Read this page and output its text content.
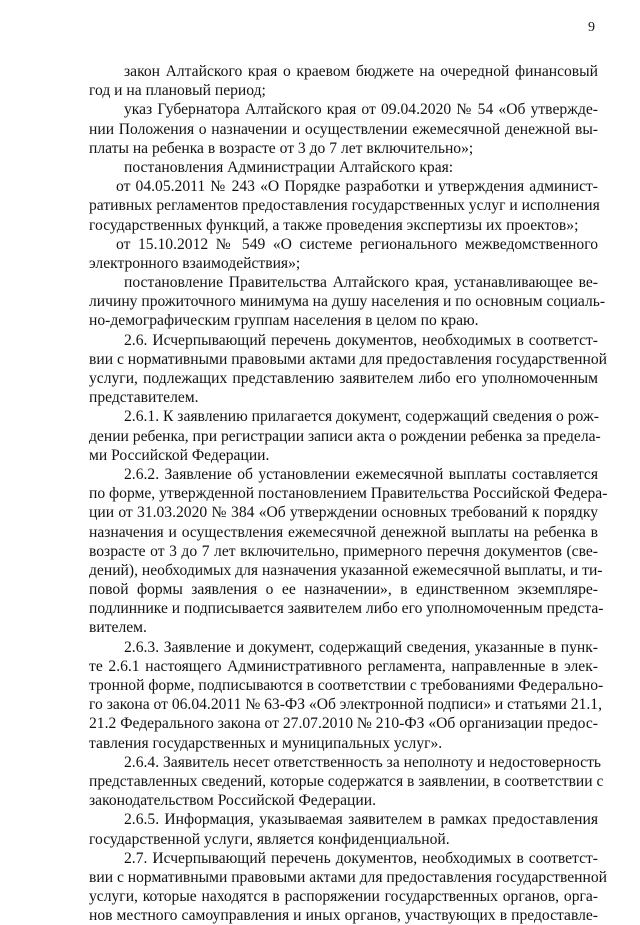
9
закон Алтайского края о краевом бюджете на очередной финансовый
год и на плановый период;
указ Губернатора Алтайского края от 09.04.2020 № 54 «Об утвержде-
нии Положения о назначении и осуществлении ежемесячной денежной вы-
платы на ребенка в возрасте от 3 до 7 лет включительно»;
постановления Администрации Алтайского края:
от 04.05.2011 № 243 «О Порядке разработки и утверждения админист-
ративных регламентов предоставления государственных услуг и исполнения
государственных функций, а также проведения экспертизы их проектов»;
от 15.10.2012 № 549 «О системе регионального межведомственного
электронного взаимодействия»;
постановление Правительства Алтайского края, устанавливающее ве-
личину прожиточного минимума на душу населения и по основным социаль-
но-демографическим группам населения в целом по краю.
2.6. Исчерпывающий перечень документов, необходимых в соответст-
вии с нормативными правовыми актами для предоставления государственной
услуги, подлежащих представлению заявителем либо его уполномоченным
представителем.
2.6.1. К заявлению прилагается документ, содержащий сведения о рож-
дении ребенка, при регистрации записи акта о рождении ребенка за предела-
ми Российской Федерации.
2.6.2. Заявление об установлении ежемесячной выплаты составляется
по форме, утвержденной постановлением Правительства Российской Федера-
ции от 31.03.2020 № 384 «Об утверждении основных требований к порядку
назначения и осуществления ежемесячной денежной выплаты на ребенка в
возрасте от 3 до 7 лет включительно, примерного перечня документов (све-
дений), необходимых для назначения указанной ежемесячной выплаты, и ти-
повой формы заявления о ее назначении», в единственном экземпляре-
подлиннике и подписывается заявителем либо его уполномоченным предста-
вителем.
2.6.3. Заявление и документ, содержащий сведения, указанные в пунк-
те 2.6.1 настоящего Административного регламента, направленные в элек-
тронной форме, подписываются в соответствии с требованиями Федерально-
го закона от 06.04.2011 № 63-ФЗ «Об электронной подписи» и статьями 21.1,
21.2 Федерального закона от 27.07.2010 № 210-ФЗ «Об организации предос-
тавления государственных и муниципальных услуг».
2.6.4. Заявитель несет ответственность за неполноту и недостоверность
представленных сведений, которые содержатся в заявлении, в соответствии с
законодательством Российской Федерации.
2.6.5. Информация, указываемая заявителем в рамках предоставления
государственной услуги, является конфиденциальной.
2.7. Исчерпывающий перечень документов, необходимых в соответст-
вии с нормативными правовыми актами для предоставления государственной
услуги, которые находятся в распоряжении государственных органов, орга-
нов местного самоуправления и иных органов, участвующих в предоставле-
